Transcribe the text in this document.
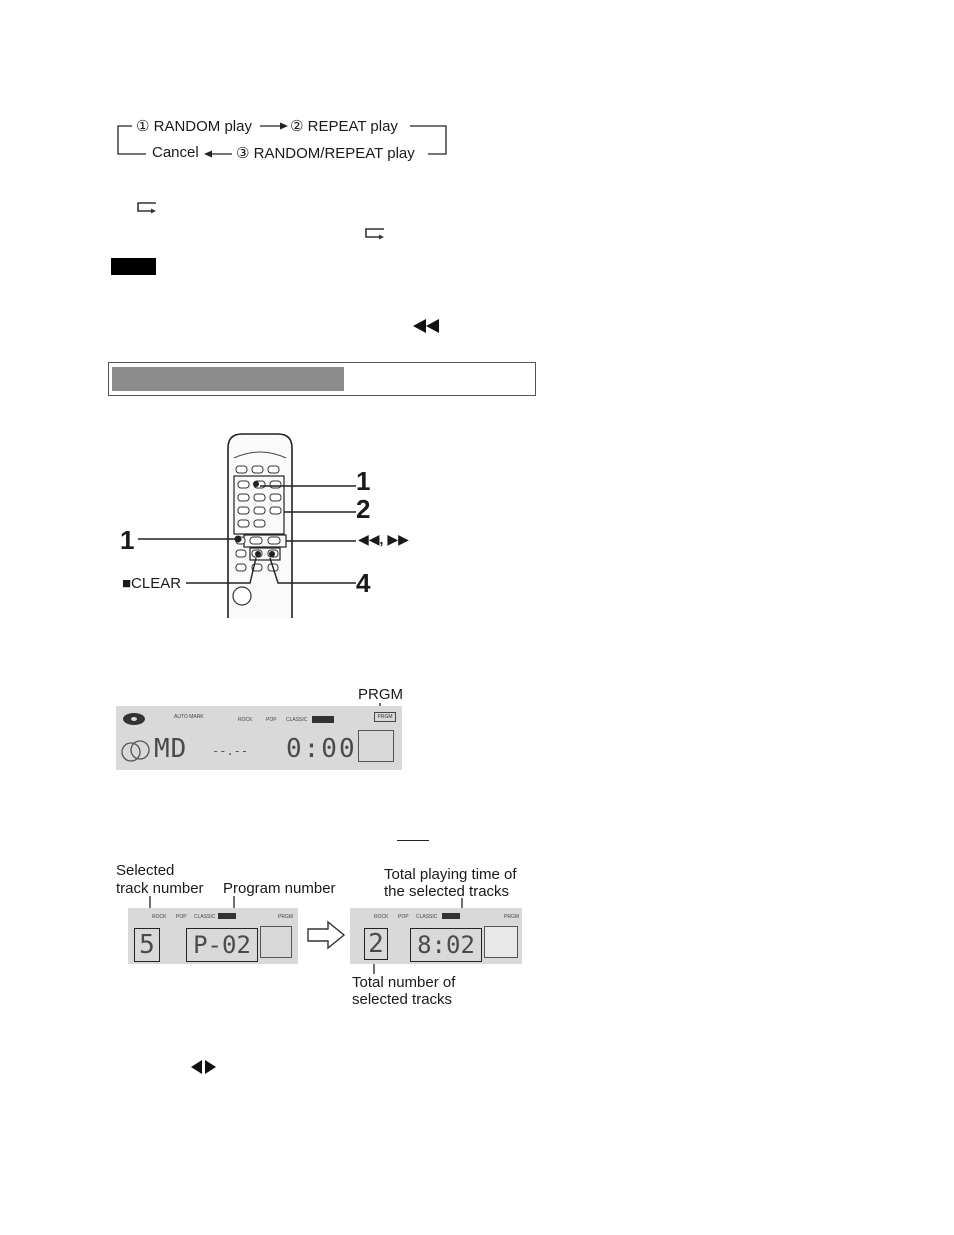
① RANDOM play	② REPEAT play
Cancel ③ RANDOM/REPEAT play
1
2
1	◀◀, ▶▶
■CLEAR	4
PRGM
AUTO MARK	ROCK	POP CLASSIC	PRGM
MD --.-- 0:00
Selected
track number Program number
ROCK POP CLASSIC	PRGM
5 P-02
Total playing time of
the selected tracks
ROCK POP CLASSIC	PRGM
2 8:02
Total number of
selected tracks
